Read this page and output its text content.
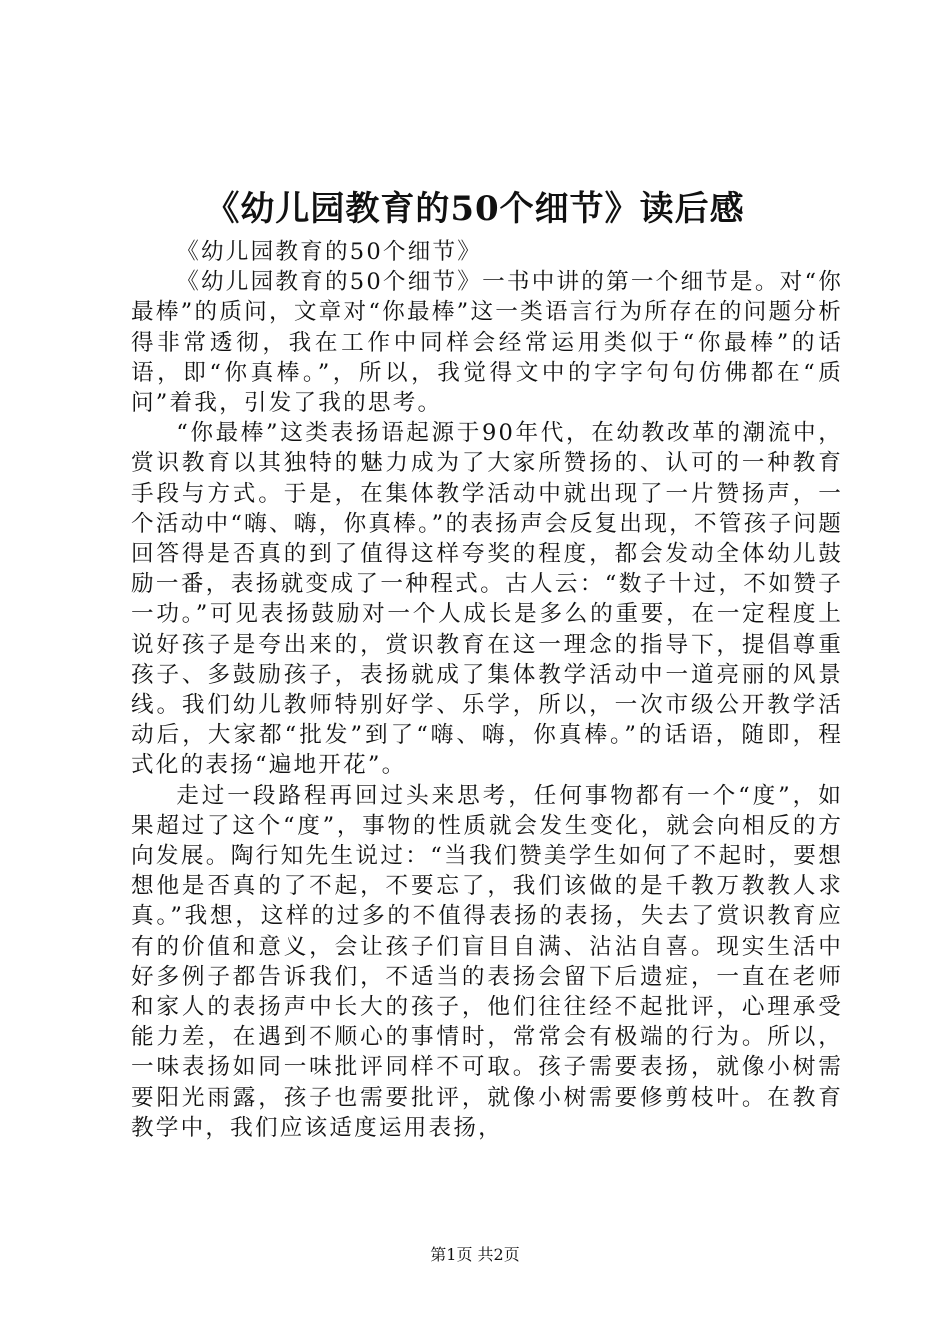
《幼儿园教育的50个细节》读后感

《幼儿园教育的50个细节》

《幼儿园教育的50个细节》一书中讲的第一个细节是。对“你最棒”的质问，文章对“你最棒”这一类语言行为所存在的问题分析得非常透彻，我在工作中同样会经常运用类似于“你最棒”的话语，即“你真棒。”，所以，我觉得文中的字字句句仿佛都在“质问”着我，引发了我的思考。

“你最棒”这类表扬语起源于90年代，在幼教改革的潮流中，赏识教育以其独特的魅力成为了大家所赞扬的、认可的一种教育手段与方式。于是，在集体教学活动中就出现了一片赞扬声，一个活动中“嗨、嗨，你真棒。”的表扬声会反复出现，不管孩子问题回答得是否真的到了值得这样夸奖的程度，都会发动全体幼儿鼓励一番，表扬就变成了一种程式。古人云：“数子十过，不如赞子一功。”可见表扬鼓励对一个人成长是多么的重要，在一定程度上说好孩子是夸出来的，赏识教育在这一理念的指导下，提倡尊重孩子、多鼓励孩子，表扬就成了集体教学活动中一道亮丽的风景线。我们幼儿教师特别好学、乐学，所以，一次市级公开教学活动后，大家都“批发”到了“嗨、嗨，你真棒。”的话语，随即，程式化的表扬“遍地开花”。

走过一段路程再回过头来思考，任何事物都有一个“度”，如果超过了这个“度”，事物的性质就会发生变化，就会向相反的方向发展。陶行知先生说过：“当我们赞美学生如何了不起时，要想想他是否真的了不起，不要忘了，我们该做的是千教万教教人求真。”我想，这样的过多的不值得表扬的表扬，失去了赏识教育应有的价值和意义，会让孩子们盲目自满、沾沾自喜。现实生活中好多例子都告诉我们，不适当的表扬会留下后遗症，一直在老师和家人的表扬声中长大的孩子，他们往往经不起批评，心理承受能力差，在遇到不顺心的事情时，常常会有极端的行为。所以，一味表扬如同一味批评同样不可取。孩子需要表扬，就像小树需要阳光雨露，孩子也需要批评，就像小树需要修剪枝叶。在教育教学中，我们应该适度运用表扬，

第1页 共2页
